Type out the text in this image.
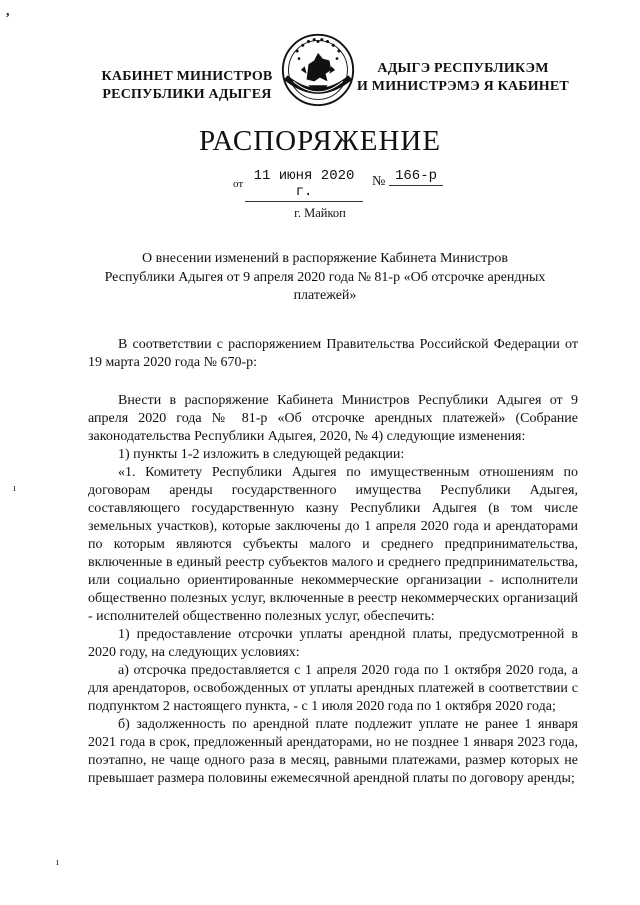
,
ı
ı
КАБИНЕТ МИНИСТРОВ
РЕСПУБЛИКИ АДЫГЕЯ
АДЫГЭ РЕСПУБЛИКЭМ
И МИНИСТРЭМЭ Я КАБИНЕТ
РАСПОРЯЖЕНИЕ
от 11 июня 2020 г.
№ 166-р
г. Майкоп
О внесении изменений в распоряжение Кабинета Министров
Республики Адыгея от 9 апреля 2020 года № 81-р «Об отсрочке арендных
платежей»

В соответствии с распоряжением Правительства Российской Федерации от 19 марта 2020 года № 670-р:

Внести в распоряжение Кабинета Министров Республики Адыгея от 9 апреля 2020 года № 81-р «Об отсрочке арендных платежей» (Собрание законодательства Республики Адыгея, 2020, № 4) следующие изменения:

1) пункты 1-2 изложить в следующей редакции:

«1. Комитету Республики Адыгея по имущественным отношениям по договорам аренды государственного имущества Республики Адыгея, составляющего государственную казну Республики Адыгея (в том числе земельных участков), которые заключены до 1 апреля 2020 года и арендаторами по которым являются субъекты малого и среднего предпринимательства, включенные в единый реестр субъектов малого и среднего предпринимательства, или социально ориентированные некоммерческие организации - исполнители общественно полезных услуг, включенные в реестр некоммерческих организаций - исполнителей общественно полезных услуг, обеспечить:

1) предоставление отсрочки уплаты арендной платы, предусмотренной в 2020 году, на следующих условиях:

а) отсрочка предоставляется с 1 апреля 2020 года по 1 октября 2020 года, а для арендаторов, освобожденных от уплаты арендных платежей в соответствии с подпунктом 2 настоящего пункта, - с 1 июля 2020 года по 1 октября 2020 года;

б) задолженность по арендной плате подлежит уплате не ранее 1 января 2021 года в срок, предложенный арендаторами, но не позднее 1 января 2023 года, поэтапно, не чаще одного раза в месяц, равными платежами, размер которых не превышает размера половины ежемесячной арендной платы по договору аренды;
